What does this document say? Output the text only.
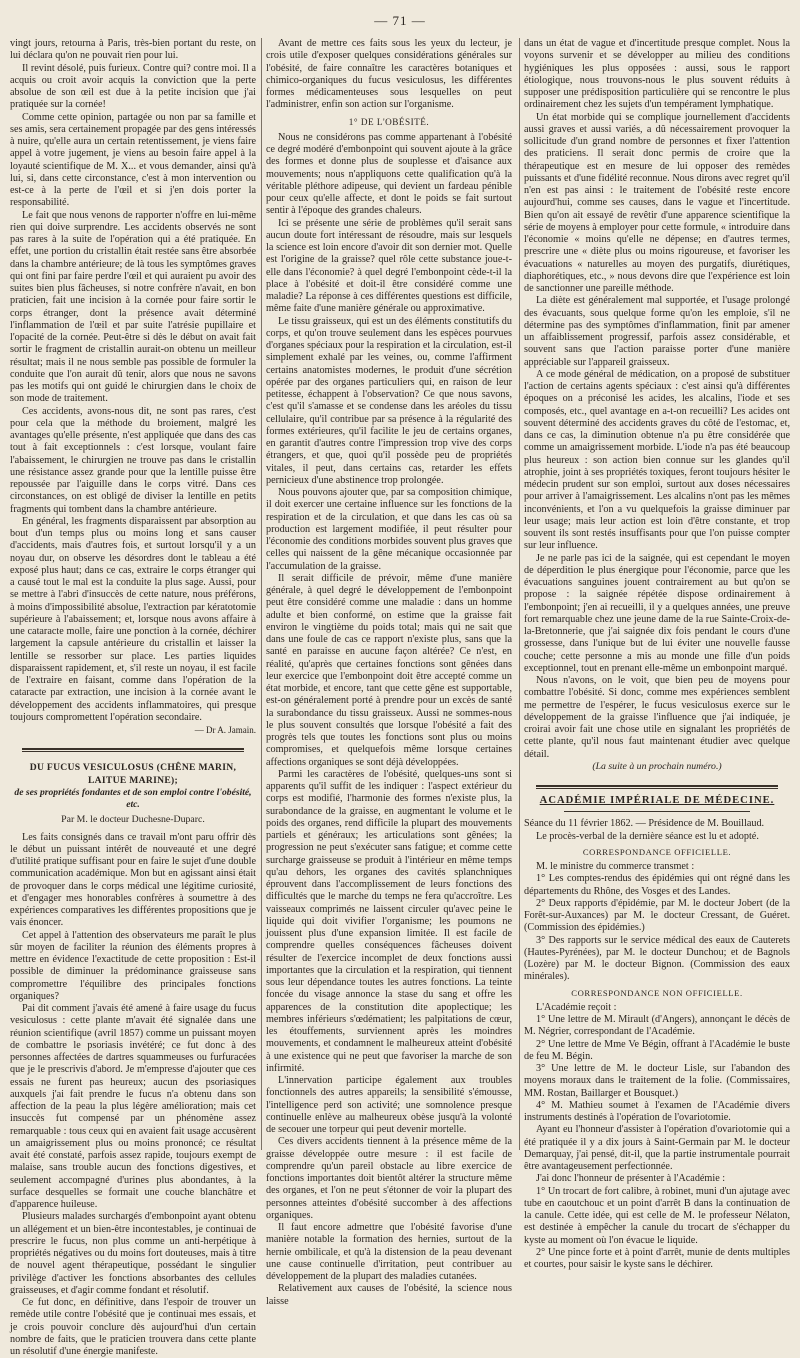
— 71 —

vingt jours, retourna à Paris, très-bien portant du reste, on lui déclara qu'on ne pouvait rien pour lui.

Il revint désolé, puis furieux. Contre qui? contre moi. Il a acquis ou croit avoir acquis la conviction que la perte absolue de son œil est due à la petite incision que j'ai pratiquée sur la cornée!

Comme cette opinion, partagée ou non par sa famille et ses amis, sera certainement propagée par des gens intéressés à nuire, qu'elle aura un certain retentissement, je viens faire appel à votre jugement, je viens au besoin faire appel à la loyauté scientifique de M. X... et vous demander, ainsi qu'à lui, si, dans cette circonstance, c'est à mon intervention ou est-ce à la perte de l'œil et si j'en dois porter la responsabilité.

Le fait que nous venons de rapporter n'offre en lui-même rien qui doive surprendre. Les accidents observés ne sont pas rares à la suite de l'opération qui a été pratiquée. En effet, une portion du cristallin était restée sans être absorbée dans la chambre antérieure; de là tous les symptômes graves qui ont fini par faire perdre l'œil et qui auraient pu avoir des suites bien plus fâcheuses, si notre confrère n'avait, en bon praticien, fait une incision à la cornée pour faire sortir le corps étranger, dont la présence avait déterminé l'inflammation de l'œil et par suite l'atrésie pupillaire et l'opacité de la cornée. Peut-être si dès le début on avait fait sortir le fragment de cristallin aurait-on obtenu un meilleur résultat; mais il ne nous semble pas possible de formuler la conduite que l'on aurait dû tenir, alors que nous ne savons pas les motifs qui ont guidé le chirurgien dans le choix de son mode de traitement.

Ces accidents, avons-nous dit, ne sont pas rares, c'est pour cela que la méthode du broiement, malgré les avantages qu'elle présente, n'est appliquée que dans des cas tout à fait exceptionnels : c'est lorsque, voulant faire l'abaissement, le chirurgien ne trouve pas dans le cristallin une résistance assez grande pour que la lentille puisse être repoussée par l'aiguille dans le corps vitré. Dans ces circonstances, on est obligé de diviser la lentille en petits fragments qui tombent dans la chambre antérieure.

En général, les fragments disparaissent par absorption au bout d'un temps plus ou moins long et sans causer d'accidents, mais d'autres fois, et surtout lorsqu'il y a un noyau dur, on observe les désordres dont le tableau a été exposé plus haut; dans ce cas, extraire le corps étranger qui a causé tout le mal est la conduite la plus sage. Aussi, pour se mettre à l'abri d'insuccès de cette nature, nous préférons, à moins d'impossibilité absolue, l'extraction par kératotomie supérieure à l'abaissement; et, lorsque nous avons affaire à une cataracte molle, faire une ponction à la cornée, déchirer largement la capsule antérieure du cristallin et laisser la lentille se ressorber sur place. Les parties liquides disparaissent rapidement, et, s'il reste un noyau, il est facile de l'extraire en faisant, comme dans l'opération de la cataracte par extraction, une incision à la cornée avant le développement des accidents inflammatoires, qui presque toujours compromettent l'opération secondaire.

— Dr A. Jamain.

DU FUCUS VESICULOSUS (CHÊNE MARIN, LAITUE MARINE);

de ses propriétés fondantes et de son emploi contre l'obésité, etc.

Par M. le docteur Duchesne-Duparc.

Les faits consignés dans ce travail m'ont paru offrir dès le début un puissant intérêt de nouveauté et une degré d'utilité pratique suffisant pour en faire le sujet d'une double communication académique. Mon but en agissant ainsi était de provoquer dans le corps médical une légitime curiosité, et d'engager mes honorables confrères à soumettre à des expériences comparatives les différentes propositions que je vais énoncer.

Cet appel à l'attention des observateurs me paraît le plus sûr moyen de faciliter la réunion des éléments propres à mettre en évidence l'exactitude de cette proposition : Est-il possible de diminuer la prédominance graisseuse sans compromettre l'équilibre des principales fonctions organiques?

Pai dit comment j'avais été amené à faire usage du fucus vesiculosus : cette plante m'avait été signalée dans une réunion scientifique (avril 1857) comme un puissant moyen de combattre le psoriasis invétéré; ce fut donc à des personnes affectées de dartres squammeuses ou furfuracées que je le prescrivis d'abord. Je m'empresse d'ajouter que ces essais ne furent pas heureux; aucun des psoriasiques auxquels j'ai fait prendre le fucus n'a obtenu dans son affection de la peau la plus légère amélioration; mais cet insuccès fut compensé par un phénomène assez remarquable : tous ceux qui en avaient fait usage accusèrent un amaigrissement plus ou moins prononcé; ce résultat avait été constaté, parfois assez rapide, toujours exempt de malaise, sans trouble aucun des fonctions digestives, et seulement accompagné d'urines plus abondantes, à la surface desquelles se formait une couche blanchâtre et d'apparence huileuse.

Plusieurs malades surchargés d'embonpoint ayant obtenu un allégement et un bien-être incontestables, je continuai de prescrire le fucus, non plus comme un anti-herpétique à propriétés négatives ou du moins fort douteuses, mais à titre de nouvel agent thérapeutique, possédant le singulier privilège d'activer les fonctions absorbantes des cellules graisseuses, et d'agir comme fondant et résolutif.

Ce fut donc, en définitive, dans l'espoir de trouver un remède utile contre l'obésité que je continuai mes essais, et je crois pouvoir conclure dès aujourd'hui d'un certain nombre de faits, que le praticien trouvera dans cette plante un résolutif d'une énergie manifeste.

Avant de mettre ces faits sous les yeux du lecteur, je crois utile d'exposer quelques considérations générales sur l'obésité, de faire connaître les caractères botaniques et chimico-organiques du fucus vesiculosus, les différentes formes médicamenteuses sous lesquelles on peut l'administrer, enfin son action sur l'organisme.

1° DE L'OBÉSITÉ.

Nous ne considérons pas comme appartenant à l'obésité ce degré modéré d'embonpoint qui souvent ajoute à la grâce des formes et donne plus de souplesse et d'aisance aux mouvements; nous n'appliquons cette qualification qu'à la véritable pléthore adipeuse, qui devient un fardeau pénible pour ceux qu'elle affecte, et dont le poids se fait surtout sentir à l'époque des grandes chaleurs.

Ici se présente une série de problèmes qu'il serait sans aucun doute fort intéressant de résoudre, mais sur lesquels la science est loin encore d'avoir dit son dernier mot. Quelle est l'origine de la graisse? quel rôle cette substance joue-t-elle dans l'économie? à quel degré l'embonpoint cède-t-il la place à l'obésité et doit-il être considéré comme une maladie? La réponse à ces différentes questions est difficile, même faite d'une manière générale ou approximative.

Le tissu graisseux, qui est un des éléments constitutifs du corps, et qu'on trouve seulement dans les espèces pourvues d'organes spéciaux pour la respiration et la circulation, est-il simplement exhalé par les veines, ou, comme l'affirment certains anatomistes modernes, le produit d'une sécrétion opérée par des organes particuliers qui, en raison de leur petitesse, échappent à l'observation? Ce que nous savons, c'est qu'il s'amasse et se condense dans les aréoles du tissu cellulaire, qu'il contribue par sa présence à la régularité des formes extérieures, qu'il facilite le jeu de certains organes, en garantit d'autres contre l'impression trop vive des corps étrangers, et que, quoi qu'il possède peu de propriétés vitales, il peut, dans certains cas, retarder les effets pernicieux d'une abstinence trop prolongée.

Nous pouvons ajouter que, par sa composition chimique, il doit exercer une certaine influence sur les fonctions de la respiration et de la circulation, et que dans les cas où sa production est largement modifiée, il peut résulter pour l'économie des conditions morbides souvent plus graves que celles qui naissent de la gêne mécanique occasionnée par l'accumulation de la graisse.

Il serait difficile de prévoir, même d'une manière générale, à quel degré le développement de l'embonpoint peut être considéré comme une maladie : dans un homme adulte et bien conformé, on estime que la graisse fait environ le vingtième du poids total; mais qui ne sait que dans une foule de cas ce rapport n'existe plus, sans que la santé en paraisse en aucune façon altérée? Ce n'est, en réalité, qu'après que certaines fonctions sont gênées dans leur exercice que l'embonpoint doit être accepté comme un état morbide, et encore, tant que cette gêne est supportable, est-on généralement porté à prendre pour un excès de santé la surabondance du tissu graisseux. Aussi ne sommes-nous le plus souvent consultés que lorsque l'obésité a fait des progrès tels que toutes les fonctions sont plus ou moins compromises, et quelquefois même lorsque certaines affections organiques se sont déjà développées.

Parmi les caractères de l'obésité, quelques-uns sont si apparents qu'il suffit de les indiquer : l'aspect extérieur du corps est modifié, l'harmonie des formes n'existe plus, la surabondance de la graisse, en augmentant le volume et le poids des organes, rend difficile la plupart des mouvements partiels et généraux; les articulations sont gênées; la progression ne peut s'exécuter sans fatigue; et comme cette surcharge graisseuse se produit à l'intérieur en même temps qu'au dehors, les organes des cavités splanchniques éprouvent dans l'accomplissement de leurs fonctions des difficultés que le marche du temps ne fera qu'accroître. Les vaisseaux comprimés ne laissent circuler qu'avec peine le liquide qui doit vivifier l'organisme; les poumons ne jouissent plus d'une expansion limitée. Il est facile de comprendre quelles conséquences fâcheuses doivent résulter de l'exercice incomplet de deux fonctions aussi importantes que la circulation et la respiration, qui tiennent sous leur dépendance toutes les autres fonctions. La teinte foncée du visage annonce la stase du sang et offre les apparences de la constitution dite apoplectique; les membres inférieurs s'œdématient; les palpitations de cœur, les étouffements, surviennent après les moindres mouvements, et condamnent le malheureux atteint d'obésité à une existence qui ne peut que favoriser la marche de son infirmité.

L'innervation participe également aux troubles fonctionnels des autres appareils; la sensibilité s'émousse, l'intelligence perd son activité; une somnolence presque continuelle enlève au malheureux obèse jusqu'à la volonté de secouer une torpeur qui peut devenir mortelle.

Ces divers accidents tiennent à la présence même de la graisse développée outre mesure : il est facile de comprendre qu'un pareil obstacle au libre exercice de fonctions importantes doit bientôt altérer la structure même des organes, et l'on ne peut s'étonner de voir la plupart des personnes atteintes d'obésité succomber à des affections organiques.

Il faut encore admettre que l'obésité favorise d'une manière notable la formation des hernies, surtout de la hernie ombilicale, et qu'à la distension de la peau devenant une cause continuelle d'irritation, peut contribuer au développement de la plupart des maladies cutanées.

Relativement aux causes de l'obésité, la science nous laisse

dans un état de vague et d'incertitude presque complet. Nous la voyons survenir et se développer au milieu des conditions hygiéniques les plus opposées : aussi, sous le rapport étiologique, nous trouvons-nous le plus souvent réduits à supposer une prédisposition particulière qui se rencontre le plus ordinairement chez les sujets d'un tempérament lymphatique.

Un état morbide qui se complique journellement d'accidents aussi graves et aussi variés, a dû nécessairement provoquer la sollicitude d'un grand nombre de personnes et fixer l'attention des praticiens. Il serait donc permis de croire que la thérapeutique est en mesure de lui opposer des remèdes puissants et d'une fidélité reconnue. Nous dirons avec regret qu'il n'en est pas ainsi : le traitement de l'obésité reste encore aujourd'hui, comme ses causes, dans le vague et l'incertitude. Bien qu'on ait essayé de revêtir d'une apparence scientifique la série de moyens à employer pour cette formule, « introduire dans l'économie « moins qu'elle ne dépense; en d'autres termes, prescrire une « diète plus ou moins rigoureuse, et favoriser les évacuations « naturelles au moyen des purgatifs, diurétiques, diaphorétiques, etc., » nous devons dire que l'expérience est loin de sanctionner une pareille méthode.

La diète est généralement mal supportée, et l'usage prolongé des évacuants, sous quelque forme qu'on les emploie, s'il ne détermine pas des symptômes d'inflammation, finit par amener un affaiblissement progressif, parfois assez considérable, et souvent sans que l'action paraisse porter d'une manière appréciable sur l'appareil graisseux.

A ce mode général de médication, on a proposé de substituer l'action de certains agents spéciaux : c'est ainsi qu'à différentes époques on a préconisé les acides, les alcalins, l'iode et ses composés, etc., quel avantage en a-t-on recueilli? Les acides ont souvent déterminé des accidents graves du côté de l'estomac, et, dans ce cas, la diminution obtenue n'a pu être considérée que comme un amaigrissement morbide. L'iode n'a pas été beaucoup plus heureux : son action bien connue sur les glandes qu'il atrophie, joint à ses propriétés toxiques, feront toujours hésiter le médecin prudent sur son emploi, surtout aux doses nécessaires pour arriver à l'amaigrissement. Les alcalins n'ont pas les mêmes inconvénients, et l'on a vu quelquefois la graisse diminuer par leur usage; mais leur action est loin d'être constante, et trop souvent ils sont restés insuffisants pour que l'on puisse compter sur leur influence.

Je ne parle pas ici de la saignée, qui est cependant le moyen de déperdition le plus énergique pour l'économie, parce que les évacuations sanguines jouent contrairement au but qu'on se propose : la saignée répétée dispose ordinairement à l'embonpoint; j'en ai recueilli, il y a quelques années, une preuve fort remarquable chez une jeune dame de la rue Sainte-Croix-de-la-Bretonnerie, que j'ai saignée dix fois pendant le cours d'une grossesse, dans l'unique but de lui éviter une nouvelle fausse couche; cette personne a mis au monde une fille d'un poids exceptionnel, tout en prenant elle-même un embonpoint marqué.

Nous n'avons, on le voit, que bien peu de moyens pour combattre l'obésité. Si donc, comme mes expériences semblent me permettre de l'espérer, le fucus vesiculosus exerce sur le développement de la graisse l'influence que j'ai indiquée, je croirai avoir fait une chose utile en signalant les propriétés de cette plante, qu'il nous faut maintenant étudier avec quelque détail.

(La suite à un prochain numéro.)

ACADÉMIE IMPÉRIALE DE MÉDECINE.

Séance du 11 février 1862. — Présidence de M. Bouillaud.

Le procès-verbal de la dernière séance est lu et adopté.

CORRESPONDANCE OFFICIELLE.

M. le ministre du commerce transmet :

1° Les comptes-rendus des épidémies qui ont régné dans les départements du Rhône, des Vosges et des Landes.

2° Deux rapports d'épidémie, par M. le docteur Jobert (de la Forêt-sur-Auxances) par M. le docteur Cressant, de Guéret. (Commission des épidémies.)

3° Des rapports sur le service médical des eaux de Cauterets (Hautes-Pyrénées), par M. le docteur Dunchou; et de Bagnols (Lozère) par M. le docteur Bignon. (Commission des eaux minérales).

CORRESPONDANCE NON OFFICIELLE.

L'Académie reçoit :

1° Une lettre de M. Mirault (d'Angers), annonçant le décès de M. Négrier, correspondant de l'Académie.

2° Une lettre de Mme Ve Bégin, offrant à l'Académie le buste de feu M. Bégin.

3° Une lettre de M. le docteur Lisle, sur l'abandon des moyens moraux dans le traitement de la folie. (Commissaires, MM. Rostan, Baillarger et Bousquet.)

4° M. Mathieu soumet à l'examen de l'Académie divers instruments destinés à l'opération de l'ovariotomie.

Ayant eu l'honneur d'assister à l'opération d'ovariotomie qui a été pratiquée il y a dix jours à Saint-Germain par M. le docteur Demarquay, j'ai pensé, dit-il, que la partie instrumentale pourrait être avantageusement perfectionnée.

J'ai donc l'honneur de présenter à l'Académie :

1° Un trocart de fort calibre, à robinet, muni d'un ajutage avec tube en caoutchouc et un point d'arrêt B dans la continuation de la canule. Cette idée, qui est celle de M. le professeur Nélaton, est destinée à empêcher la canule du trocart de s'échapper du kyste au moment où l'on évacue le liquide.

2° Une pince forte et à point d'arrêt, munie de dents multiples et courtes, pour saisir le kyste sans le déchirer.
